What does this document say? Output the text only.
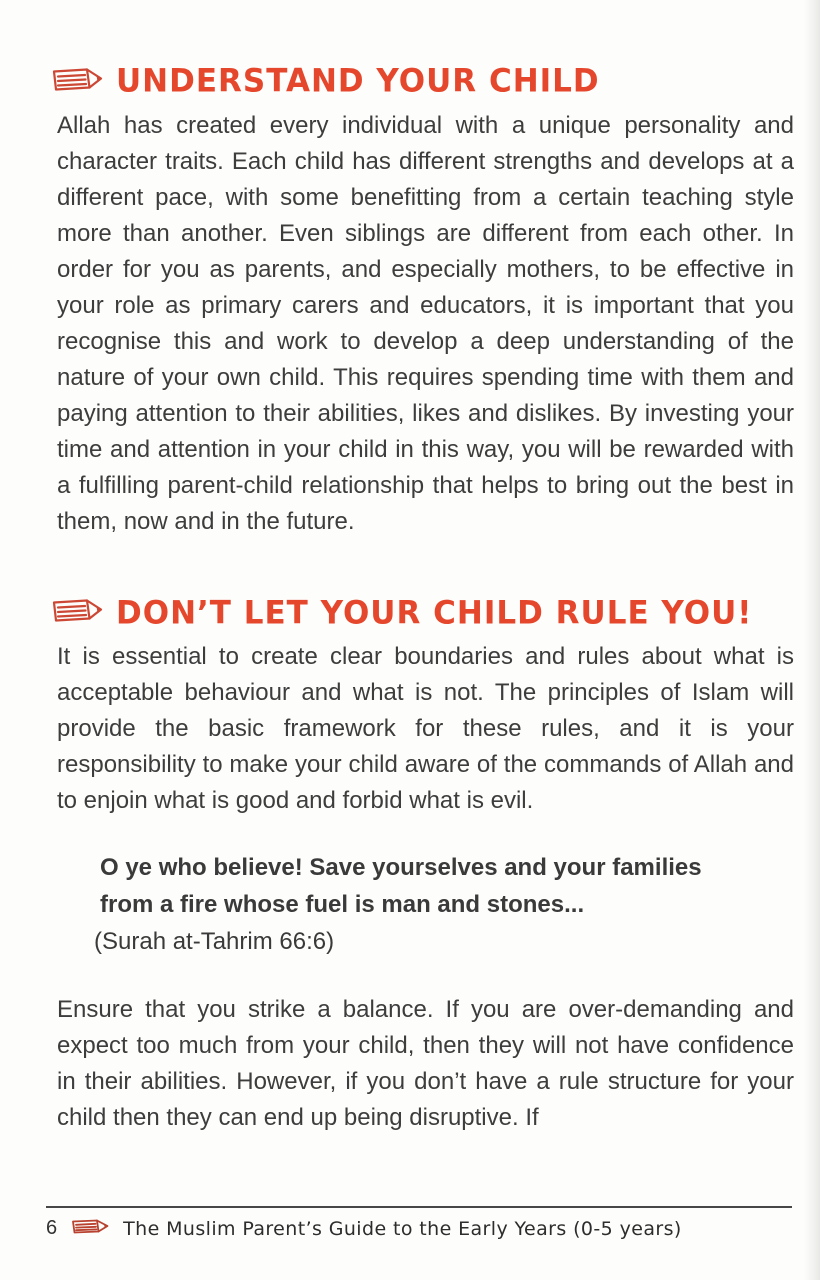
UNDERSTAND YOUR CHILD

Allah has created every individual with a unique personality and character traits. Each child has different strengths and develops at a different pace, with some benefitting from a certain teaching style more than another. Even siblings are different from each other. In order for you as parents, and especially mothers, to be effective in your role as primary carers and educators, it is important that you recognise this and work to develop a deep understanding of the nature of your own child. This requires spending time with them and paying attention to their abilities, likes and dislikes. By investing your time and attention in your child in this way, you will be rewarded with a fulfilling parent-child relationship that helps to bring out the best in them, now and in the future.

DON’T LET YOUR CHILD RULE YOU!

It is essential to create clear boundaries and rules about what is acceptable behaviour and what is not. The principles of Islam will provide the basic framework for these rules, and it is your responsibility to make your child aware of the commands of Allah and to enjoin what is good and forbid what is evil.

O ye who believe! Save yourselves and your families
from a fire whose fuel is man and stones...
(Surah at-Tahrim 66:6)

Ensure that you strike a balance. If you are over-demanding and expect too much from your child, then they will not have confidence in their abilities. However, if you don’t have a rule structure for your child then they can end up being disruptive. If

6	The Muslim Parent’s Guide to the Early Years (0-5 years)
